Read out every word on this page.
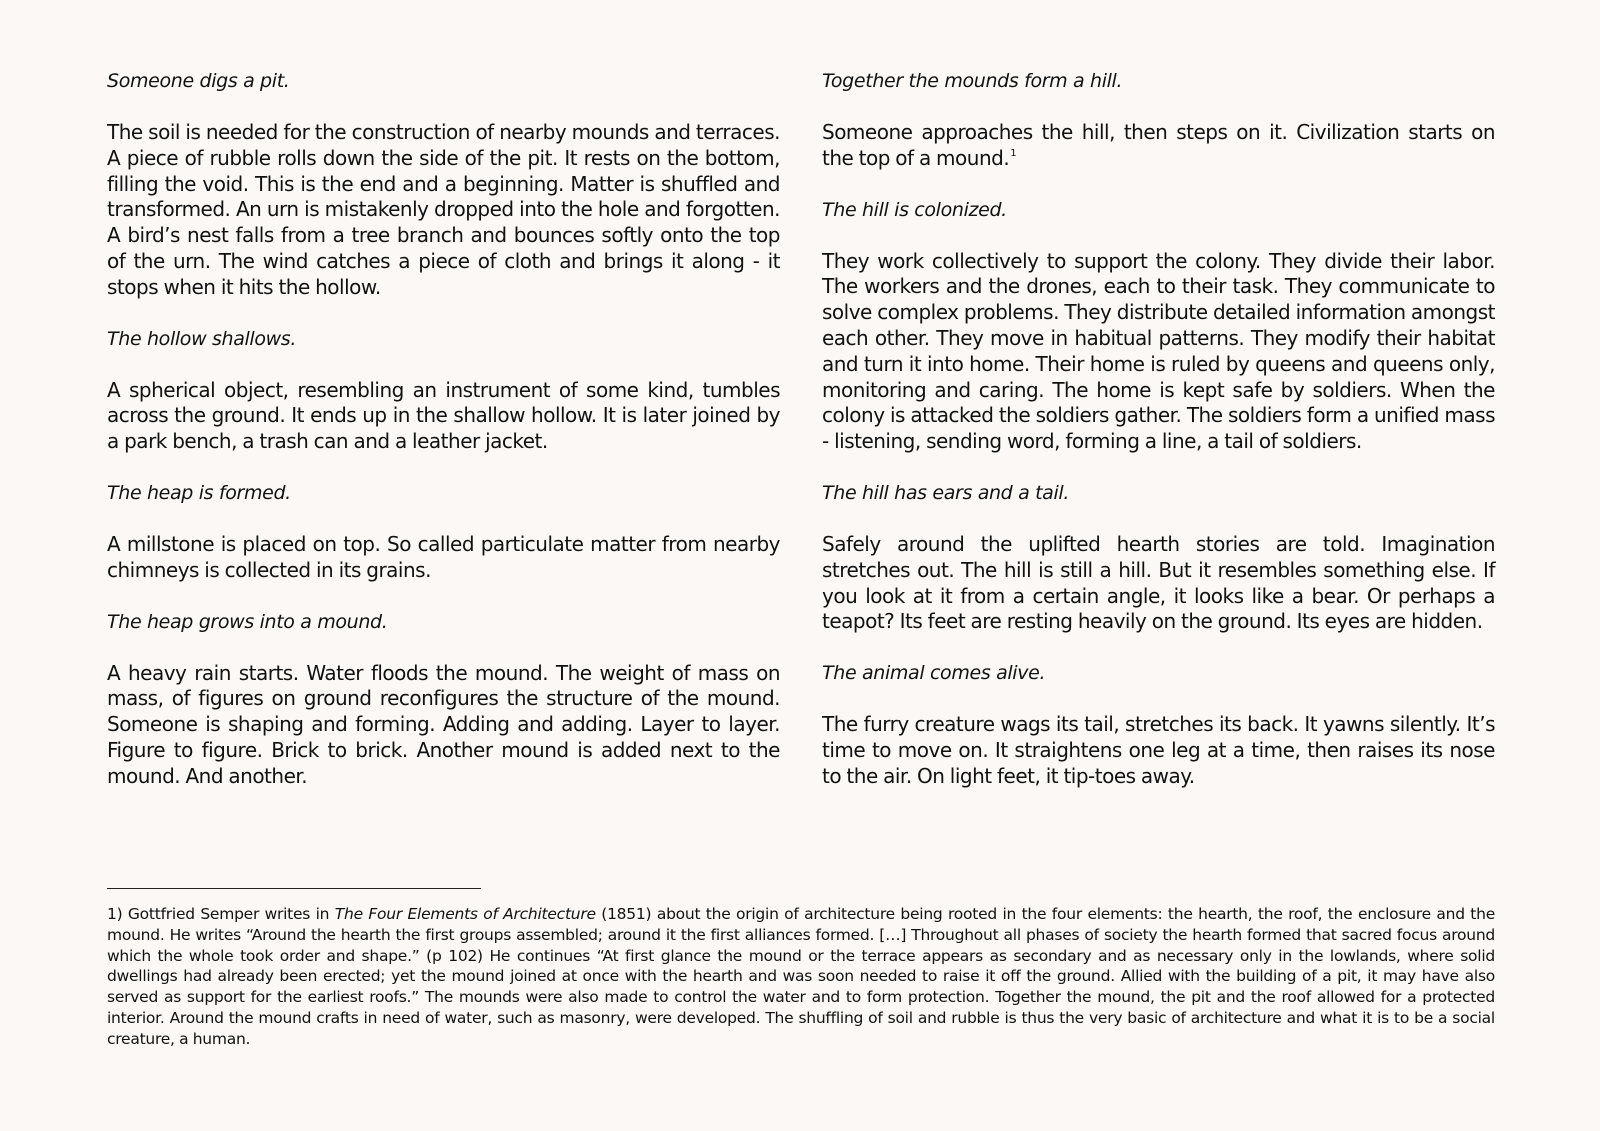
Someone digs a pit.

The soil is needed for the construction of nearby mounds and terraces. A piece of rubble rolls down the side of the pit. It rests on the bottom, filling the void. This is the end and a beginning. Matter is shuffled and transformed. An urn is mistakenly dropped into the hole and forgotten. A bird’s nest falls from a tree branch and bounces softly onto the top of the urn. The wind catches a piece of cloth and brings it along - it stops when it hits the hollow.

The hollow shallows.

A spherical object, resembling an instrument of some kind, tumbles across the ground. It ends up in the shallow hollow. It is later joined by a park bench, a trash can and a leather jacket.

The heap is formed.

A millstone is placed on top. So called particulate matter from nearby chimneys is collected in its grains.

The heap grows into a mound.

A heavy rain starts. Water floods the mound. The weight of mass on mass, of figures on ground reconfigures the structure of the mound. Someone is shaping and forming. Adding and adding. Layer to layer. Figure to figure. Brick to brick. Another mound is added next to the mound. And another.

Together the mounds form a hill.

Someone approaches the hill, then steps on it. Civilization starts on the top of a mound.$^1$

The hill is colonized.

They work collectively to support the colony. They divide their labor. The workers and the drones, each to their task. They communicate to solve complex problems. They distribute detailed information amongst each other. They move in habitual patterns. They modify their habitat and turn it into home. Their home is ruled by queens and queens only, monitoring and caring. The home is kept safe by soldiers. When the colony is attacked the soldiers gather. The soldiers form a unified mass - listening, sending word, forming a line, a tail of soldiers.

The hill has ears and a tail.

Safely around the uplifted hearth stories are told. Imagination stretches out. The hill is still a hill. But it resembles something else. If you look at it from a certain angle, it looks like a bear. Or perhaps a teapot? Its feet are resting heavily on the ground. Its eyes are hidden.

The animal comes alive.

The furry creature wags its tail, stretches its back. It yawns silently. It’s time to move on. It straightens one leg at a time, then raises its nose to the air. On light feet, it tip-toes away.

1) Gottfried Semper writes in The Four Elements of Architecture (1851) about the origin of architecture being rooted in the four elements: the hearth, the roof, the enclosure and the mound. He writes “Around the hearth the first groups assembled; around it the first alliances formed. […] Throughout all phases of society the hearth formed that sacred focus around which the whole took order and shape.” (p 102) He continues “At first glance the mound or the terrace appears as secondary and as necessary only in the lowlands, where solid dwellings had already been erected; yet the mound joined at once with the hearth and was soon needed to raise it off the ground. Allied with the building of a pit, it may have also served as support for the earliest roofs.” The mounds were also made to control the water and to form protection. Together the mound, the pit and the roof allowed for a protected interior. Around the mound crafts in need of water, such as masonry, were developed. The shuffling of soil and rubble is thus the very basic of architecture and what it is to be a social creature, a human.
